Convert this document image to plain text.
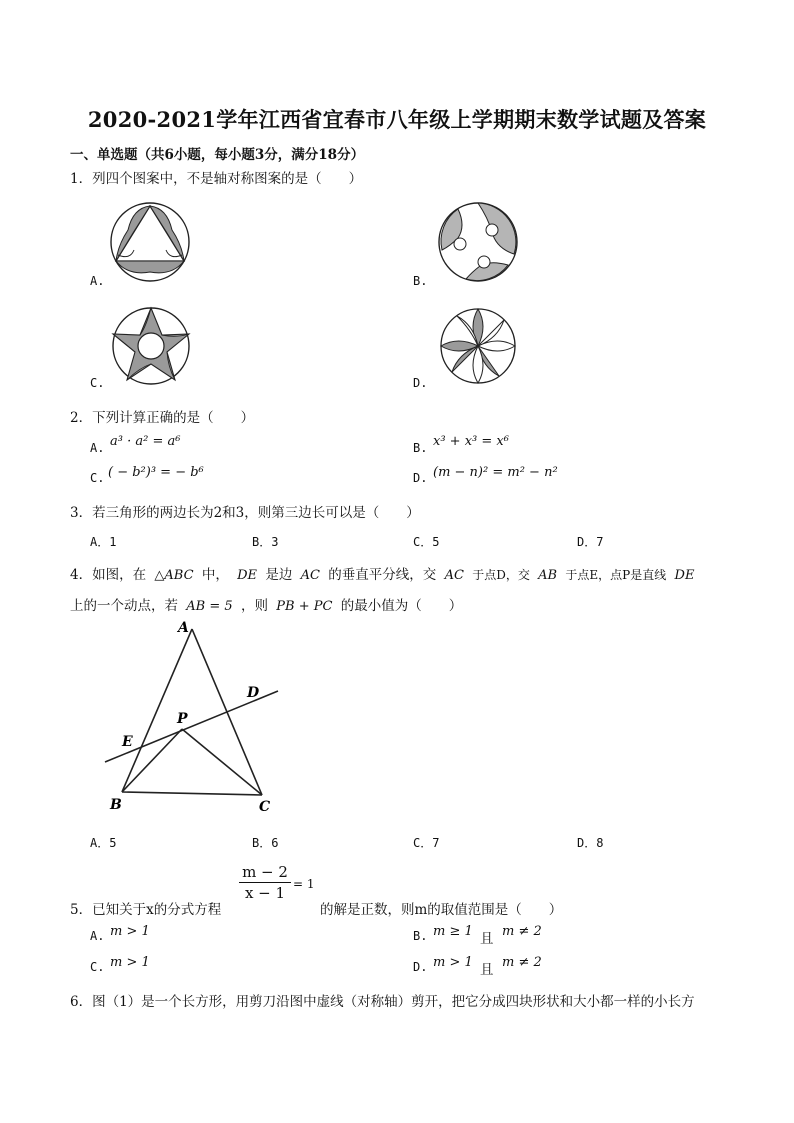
2020-2021学年江西省宜春市八年级上学期期末数学试题及答案
一、单选题（共6小题，每小题3分，满分18分）
1．列四个图案中，不是轴对称图案的是（　　）
A.	B.
C.	D.
2．下列计算正确的是（　　）
A. a³ · a² = a⁶	B. x³ + x³ = x⁶
C. ( − b²)³ = − b⁶	D. (m − n)² = m² − n²
3．若三角形的两边长为2和3，则第三边长可以是（　　）
A．1	B．3	C．5	D．7
4．如图，在 △ABC 中， DE 是边 AC 的垂直平分线，交 AC 于点D，交 AB 于点E，点P是直线 DE
上的一个动点，若 AB = 5 ，则 PB + PC 的最小值为（　　）
A
B	C
D
E
P
A．5	B．6	C．7	D．8
5．已知关于x的分式方程
$\frac{m - 2}{x - 1} = 1$
的解是正数，则m的取值范围是（　　）
A. m > 1	B. m ≥ 1 且 m ≠ 2
C. m > 1	D. m > 1 且 m ≠ 2
6．图（1）是一个长方形，用剪刀沿图中虚线（对称轴）剪开，把它分成四块形状和大小都一样的小长方
